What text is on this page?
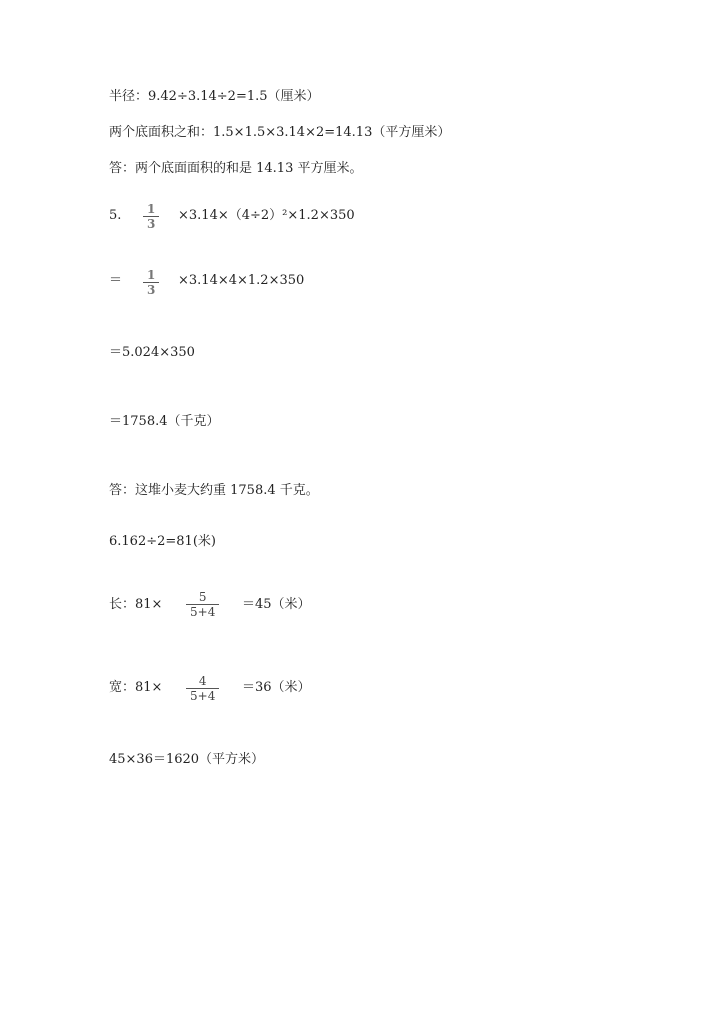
半径：9.42÷3.14÷2=1.5（厘米）
两个底面积之和：1.5×1.5×3.14×2=14.13（平方厘米）
答：两个底面面积的和是 14.13 平方厘米。
5.	1
3
×3.14×（4÷2）²×1.2×350
＝	1
3
×3.14×4×1.2×350
＝5.024×350
＝1758.4（千克）
答：这堆小麦大约重 1758.4 千克。
6.162÷2=81(米)
长：81×	5
5+4	＝45（米）
宽：81×	4
5+4
＝36（米）
45×36＝1620（平方米）
